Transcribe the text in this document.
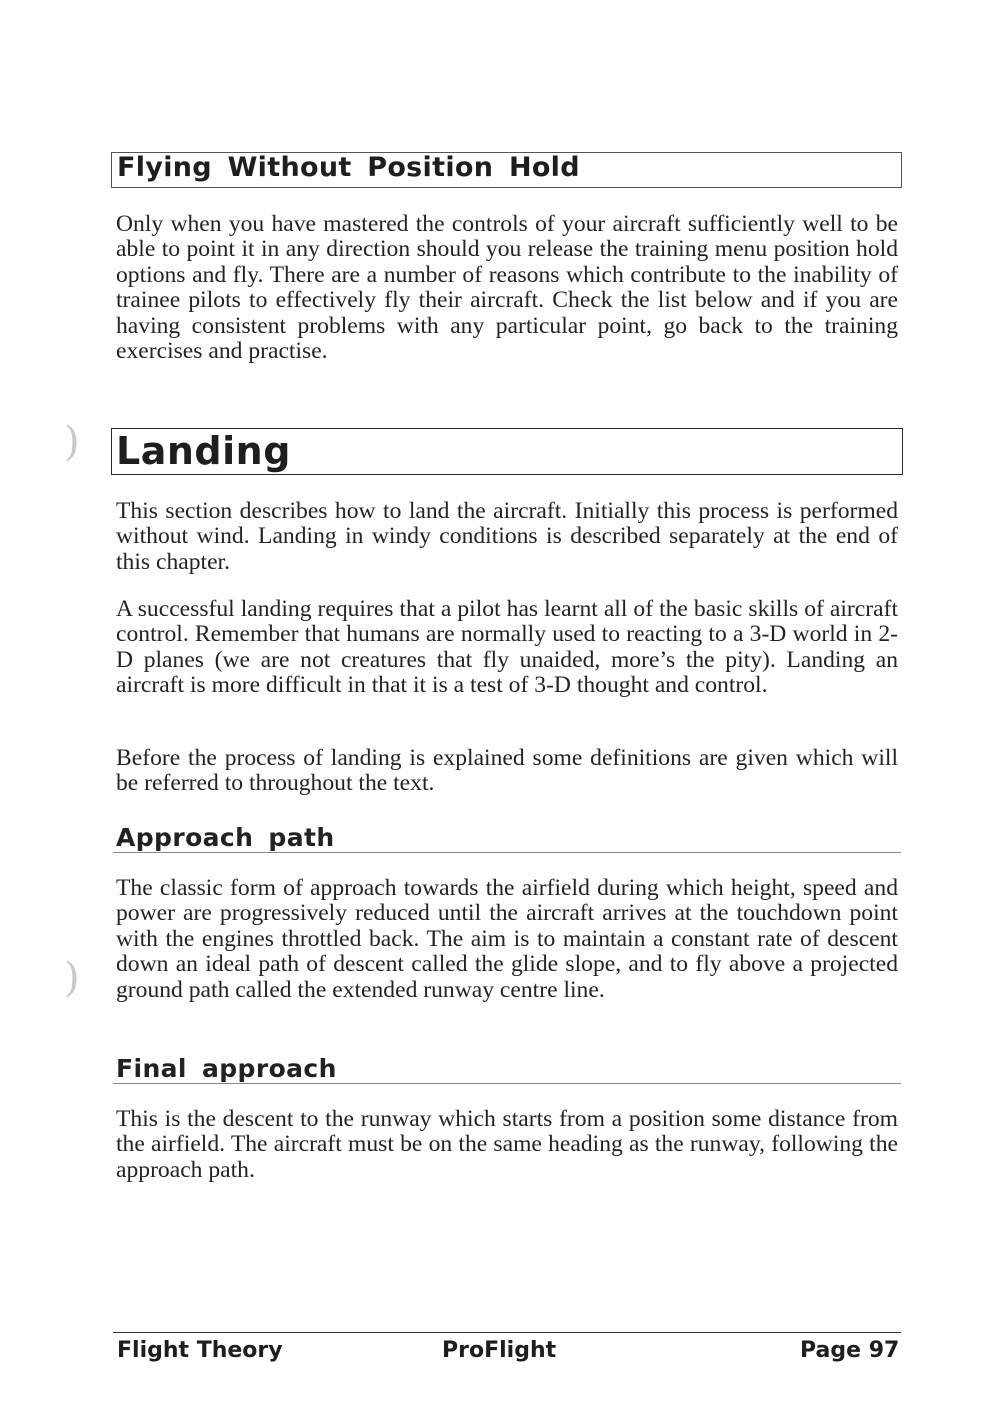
Flying Without Position Hold

Only when you have mastered the controls of your aircraft sufficiently well to be able to point it in any direction should you release the training menu position hold options and fly. There are a number of reasons which contribute to the inability of trainee pilots to effectively fly their aircraft. Check the list below and if you are having consistent problems with any particular point, go back to the training exercises and practise.

)
)
Landing

This section describes how to land the aircraft. Initially this process is performed without wind. Landing in windy conditions is described separately at the end of this chapter.

A successful landing requires that a pilot has learnt all of the basic skills of aircraft control. Remember that humans are normally used to reacting to a 3-D world in 2-D planes (we are not creatures that fly unaided, more’s the pity). Landing an aircraft is more difficult in that it is a test of 3-D thought and control.

Before the process of landing is explained some definitions are given which will be referred to throughout the text.

Approach path

The classic form of approach towards the airfield during which height, speed and power are progressively reduced until the aircraft arrives at the touchdown point with the engines throttled back. The aim is to maintain a constant rate of descent down an ideal path of descent called the glide slope, and to fly above a projected ground path called the extended runway centre line.

Final approach

This is the descent to the runway which starts from a position some distance from the airfield. The aircraft must be on the same heading as the runway, following the approach path.

Flight Theory	ProFlight	Page 97
